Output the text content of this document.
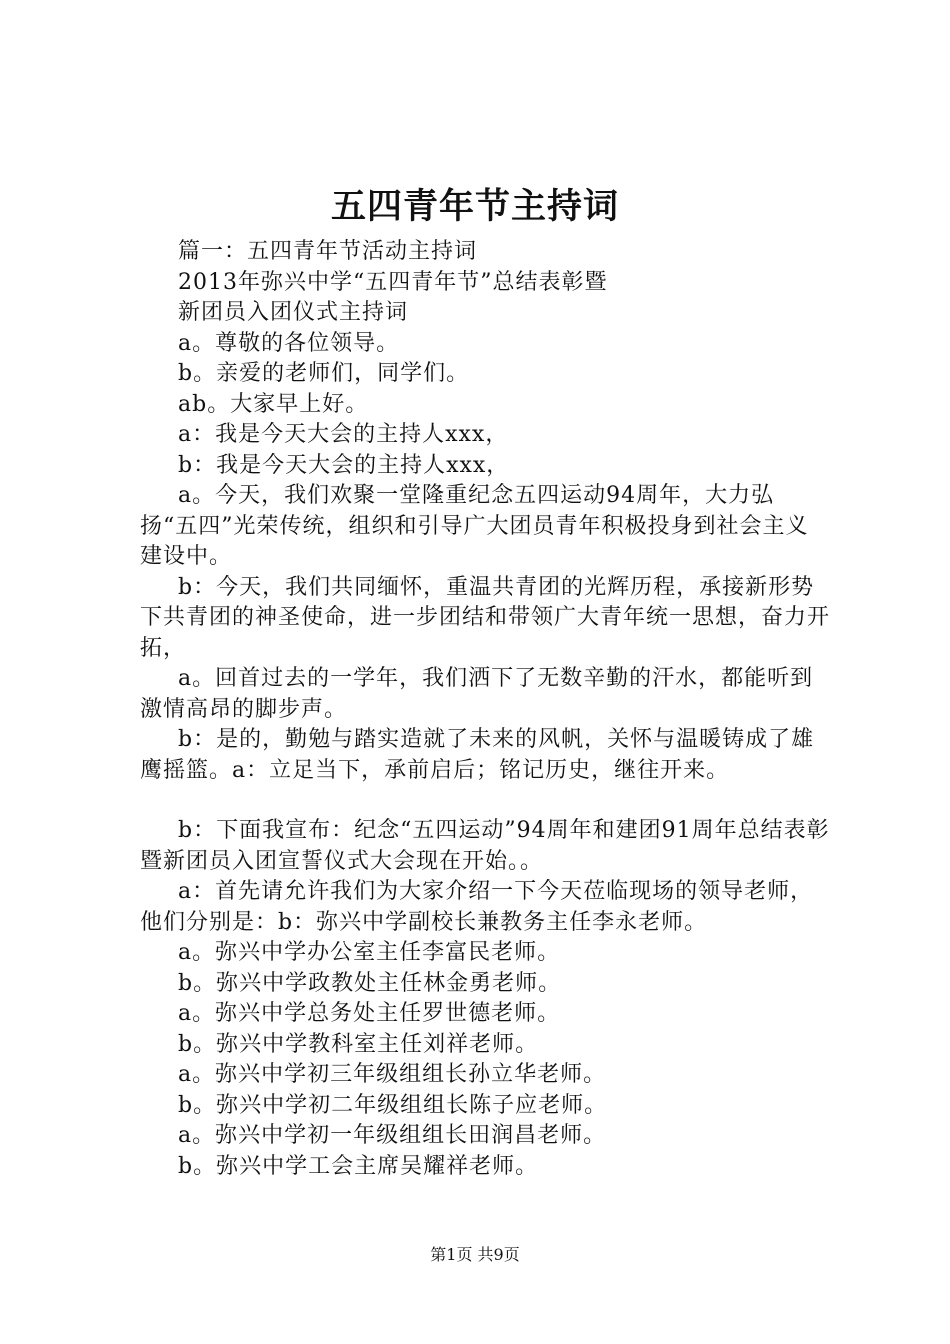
五四青年节主持词

篇一：五四青年节活动主持词

2013年弥兴中学“五四青年节”总结表彰暨

新团员入团仪式主持词

a。尊敬的各位领导。

b。亲爱的老师们，同学们。

ab。大家早上好。

a：我是今天大会的主持人xxx，

b：我是今天大会的主持人xxx，

a。今天，我们欢聚一堂隆重纪念五四运动94周年，大力弘扬“五四”光荣传统，组织和引导广大团员青年积极投身到社会主义建设中。

b：今天，我们共同缅怀，重温共青团的光辉历程，承接新形势下共青团的神圣使命，进一步团结和带领广大青年统一思想，奋力开拓，

a。回首过去的一学年，我们洒下了无数辛勤的汗水，都能听到激情高昂的脚步声。

b：是的，勤勉与踏实造就了未来的风帆，关怀与温暖铸成了雄鹰摇篮。a：立足当下，承前启后；铭记历史，继往开来。

b：下面我宣布：纪念“五四运动”94周年和建团91周年总结表彰暨新团员入团宣誓仪式大会现在开始。。

a：首先请允许我们为大家介绍一下今天莅临现场的领导老师，他们分别是：b：弥兴中学副校长兼教务主任李永老师。

a。弥兴中学办公室主任李富民老师。

b。弥兴中学政教处主任林金勇老师。

a。弥兴中学总务处主任罗世德老师。

b。弥兴中学教科室主任刘祥老师。

a。弥兴中学初三年级组组长孙立华老师。

b。弥兴中学初二年级组组长陈子应老师。

a。弥兴中学初一年级组组长田润昌老师。

b。弥兴中学工会主席吴耀祥老师。

第1页 共9页
